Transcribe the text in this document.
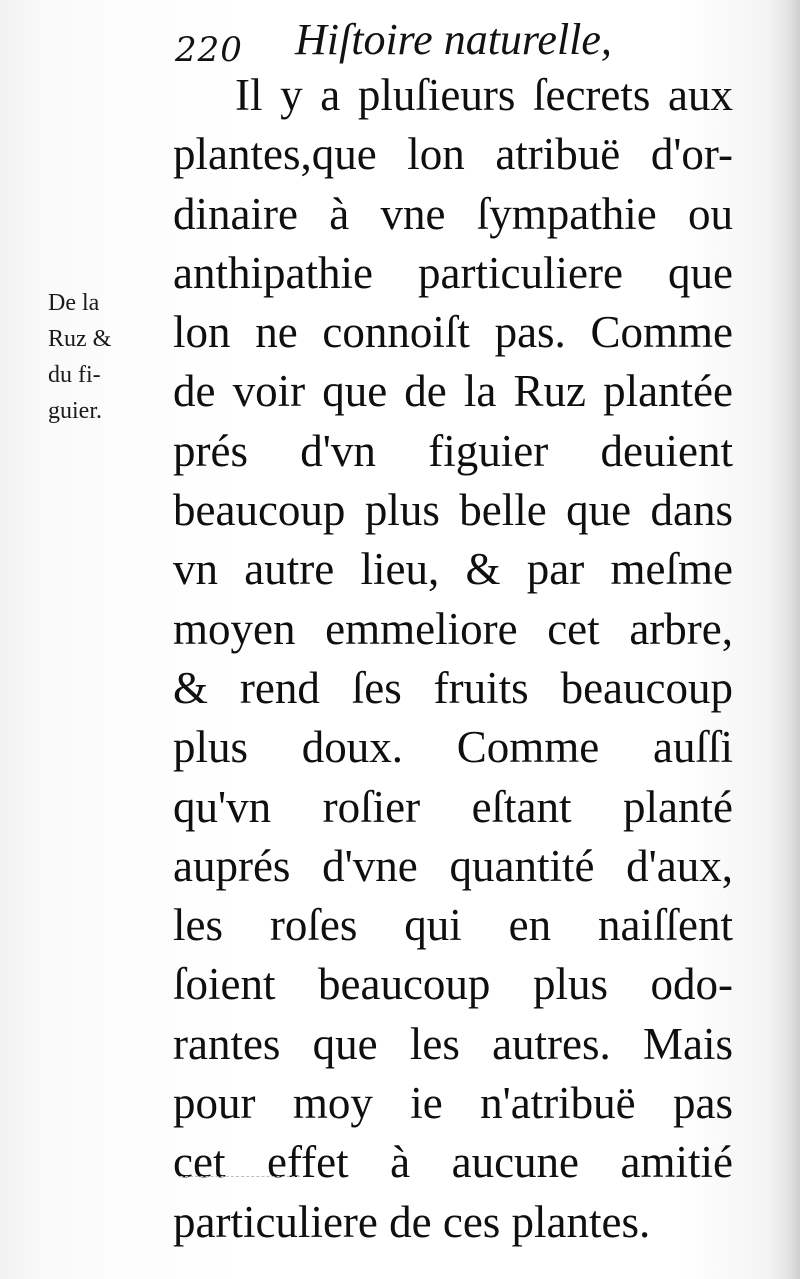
220 Hiſtoire naturelle,
De la
Ruz &
du fi-
guier.
Il y a pluſieurs ſecrets aux
plantes,que lon atribuë d'or-
dinaire à vne ſympathie ou
anthipathie particuliere que
lon ne connoiſt pas. Comme
de voir que de la Ruz plantée
prés d'vn figuier deuient
beaucoup plus belle que dans
vn autre lieu, & par meſme
moyen emmeliore cet arbre,
& rend ſes fruits beaucoup
plus doux. Comme auſſi
qu'vn roſier eſtant planté
auprés d'vne quantité d'aux,
les roſes qui en naiſſent
ſoient beaucoup plus odo-
rantes que les autres. Mais
pour moy ie n'atribuë pas
cet effet à aucune amitié
particuliere de ces plantes.
